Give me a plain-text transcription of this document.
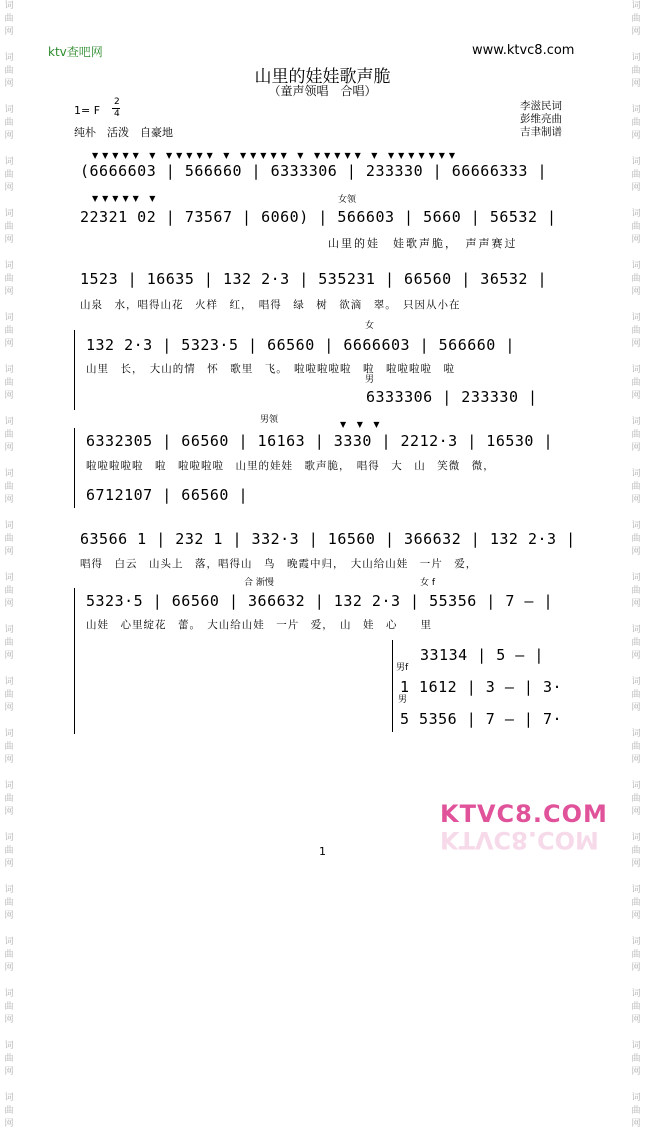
词
曲
网

词
曲
网

词
曲
网

词
曲
网

词
曲
网

词
曲
网

词
曲
网

词
曲
网

词
曲
网

词
曲
网

词
曲
网

词
曲
网

词
曲
网

词
曲
网

词
曲
网

词
曲
网

词
曲
网

词
曲
网

词
曲
网

词
曲
网

词
曲
网

词
曲
网

词
曲
网

词
曲
网

词
曲
网

词
曲
网

词
曲
网

词
曲
网

词
曲
网

词
曲
网

词
曲
网

词
曲
网

词
曲
网

词
曲
网

词
曲
网

词
曲
网

词
曲
网

词
曲
网

词
曲
网

词
曲
网

词
曲
网

词
曲
网

词
曲
网

词
曲
网

ktv查吧网	www.ktvc8.com
山里的娃娃歌声脆
（童声领唱　合唱）
1= F
2
4
纯朴　活泼　自豪地
李滋民词
彭维亮曲
吉聿制谱
▼▼▼▼▼ ▼ ▼▼▼▼▼ ▼ ▼▼▼▼▼ ▼ ▼▼▼▼▼ ▼ ▼▼▼▼▼▼▼
(6666603 | 566660 | 6333306 | 233330 | 66666333 |
▼▼▼▼▼ ▼	女领
22321 02 | 73567 | 6060) | 566603 | 5660 | 56532 |
山里的娃　娃歌声脆，　声声赛过
1523 | 16635 | 132 2·3 | 535231 | 66560 | 36532 |
山泉　水，唱得山花　火样　红，　唱得　绿　树　欲滴　翠。　只因从小在
女
132 2·3 | 5323·5 | 66560 | 6666603 | 566660 |
山里　长，　大山的情　怀　歌里　飞。　啦啦啦啦啦　啦　啦啦啦啦　啦
男
6333306 | 233330 |
男领	▼ ▼ ▼
6332305 | 66560 | 16163 | 3330 | 2212·3 | 16530 |
啦啦啦啦啦　啦　啦啦啦啦　山里的娃娃　歌声脆，　唱得　大　山　笑微　微，
6712107 | 66560 |
63566 1 | 232 1 | 332·3 | 16560 | 366632 | 132 2·3 |
唱得　白云　山头上　落，唱得山　鸟　晚霞中归，　大山给山娃　一片　爱，
合 渐慢	女 f
5323·5 | 66560 | 366632 | 132 2·3 | 55356 | 7 — |
山娃　心里绽花　蕾。　大山给山娃　一片　爱，　山　娃　心　　里
男f
33134 | 5 — |
男
1 1612 | 3 — | 3·
5 5356 | 7 — | 7·
KTVC8.COM
KTVC8.COM
1
